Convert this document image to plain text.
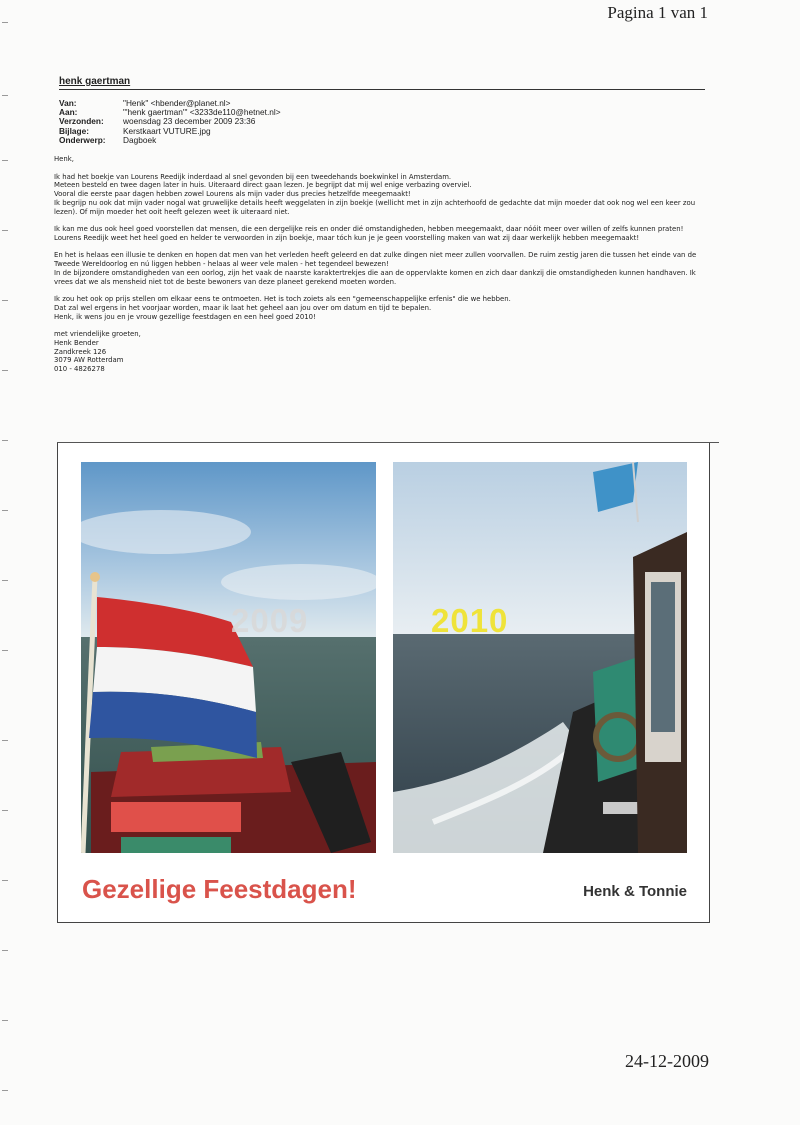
Pagina 1 van 1
henk gaertman
Van:	"Henk" <hbender@planet.nl>
Aan:	"'henk gaertman'" <3233de110@hetnet.nl>
Verzonden:	woensdag 23 december 2009 23:36
Bijlage:	Kerstkaart VUTURE.jpg
Onderwerp:	Dagboek

Henk,

Ik had het boekje van Lourens Reedijk inderdaad al snel gevonden bij een tweedehands boekwinkel in Amsterdam.

Meteen besteld en twee dagen later in huis. Uiteraard direct gaan lezen. Je begrijpt dat mij wel enige verbazing overviel.

Vooral die eerste paar dagen hebben zowel Lourens als mijn vader dus precies hetzelfde meegemaakt!

Ik begrijp nu ook dat mijn vader nogal wat gruwelijke details heeft weggelaten in zijn boekje (wellicht met in zijn achterhoofd de gedachte dat mijn moeder dat ook nog wel een keer zou lezen). Of mijn moeder het ooit heeft gelezen weet ik uiteraard niet.

Ik kan me dus ook heel goed voorstellen dat mensen, die een dergelijke reis en onder dié omstandigheden, hebben meegemaakt, daar nóóit meer over willen of zelfs kunnen praten! Lourens Reedijk weet het heel goed en helder te verwoorden in zijn boekje, maar tóch kun je je geen voorstelling maken van wat zij daar werkelijk hebben meegemaakt!

En het is helaas een illusie te denken en hopen dat men van het verleden heeft geleerd en dat zulke dingen niet meer zullen voorvallen. De ruim zestig jaren die tussen het einde van de Tweede Wereldoorlog en nú liggen hebben - helaas al weer vele malen - het tegendeel bewezen!

In de bijzondere omstandigheden van een oorlog, zijn het vaak de naarste karaktertrekjes die aan de oppervlakte komen en zich daar dankzij die omstandigheden kunnen handhaven. Ik vrees dat we als mensheid niet tot de beste bewoners van deze planeet gerekend moeten worden.

Ik zou het ook op prijs stellen om elkaar eens te ontmoeten. Het is toch zoiets als een "gemeenschappelijke erfenis" die we hebben.

Dat zal wel ergens in het voorjaar worden, maar ik laat het geheel aan jou over om datum en tijd te bepalen.

Henk, ik wens jou en je vrouw gezellige feestdagen en een heel goed 2010!

met vriendelijke groeten,

Henk Bender

Zandkreek 126

3079 AW Rotterdam

010 - 4826278

2009	2010
Gezellige Feestdagen!	Henk & Tonnie
24-12-2009
